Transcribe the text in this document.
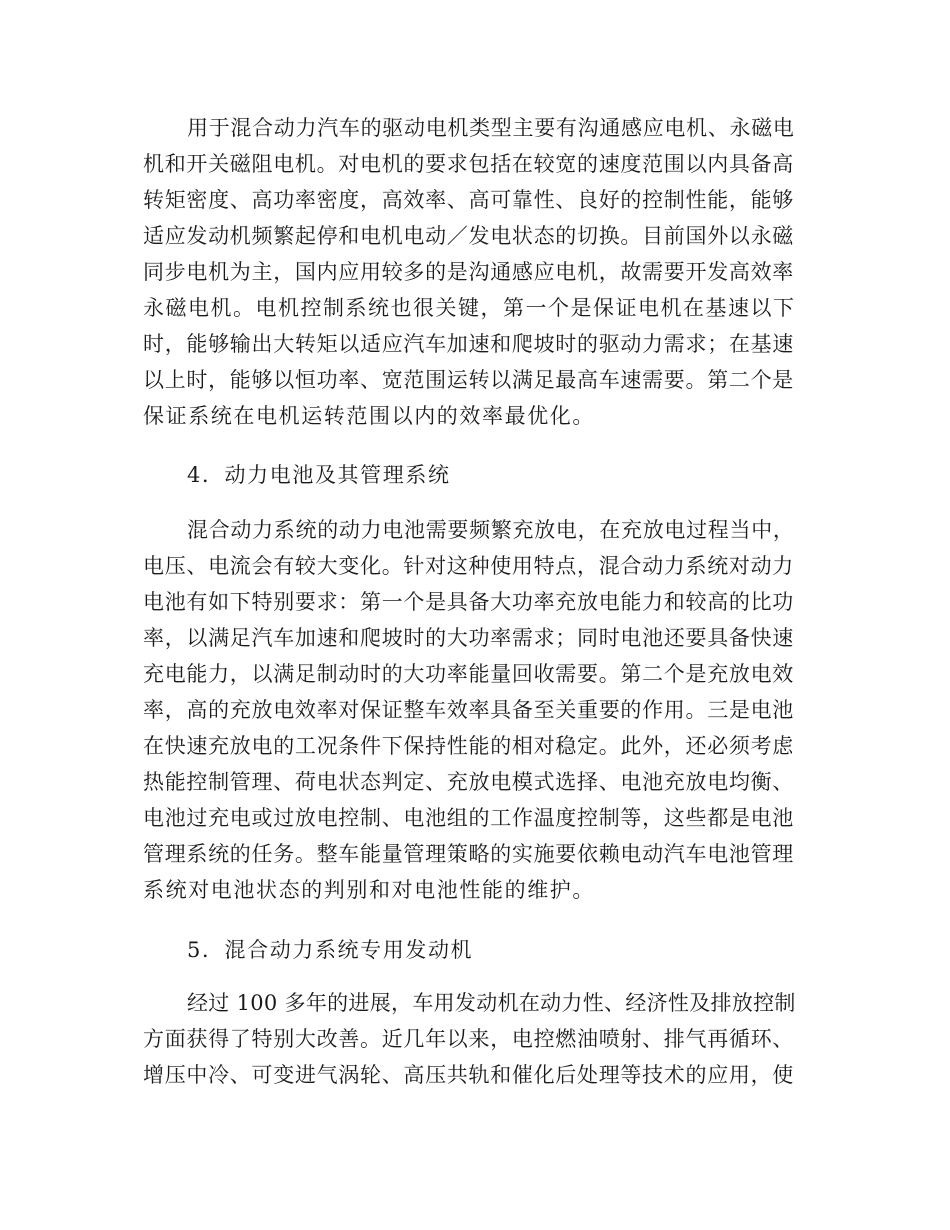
用于混合动力汽车的驱动电机类型主要有沟通感应电机、永磁电
机和开关磁阻电机。对电机的要求包括在较宽的速度范围以内具备高
转矩密度、高功率密度，高效率、高可靠性、良好的控制性能，能够
适应发动机频繁起停和电机电动／发电状态的切换。目前国外以永磁
同步电机为主，国内应用较多的是沟通感应电机，故需要开发高效率
永磁电机。电机控制系统也很关键，第一个是保证电机在基速以下
时，能够输出大转矩以适应汽车加速和爬坡时的驱动力需求；在基速
以上时，能够以恒功率、宽范围运转以满足最高车速需要。第二个是
保证系统在电机运转范围以内的效率最优化。
4．动力电池及其管理系统
混合动力系统的动力电池需要频繁充放电，在充放电过程当中，
电压、电流会有较大变化。针对这种使用特点，混合动力系统对动力
电池有如下特别要求：第一个是具备大功率充放电能力和较高的比功
率，以满足汽车加速和爬坡时的大功率需求；同时电池还要具备快速
充电能力，以满足制动时的大功率能量回收需要。第二个是充放电效
率，高的充放电效率对保证整车效率具备至关重要的作用。三是电池
在快速充放电的工况条件下保持性能的相对稳定。此外，还必须考虑
热能控制管理、荷电状态判定、充放电模式选择、电池充放电均衡、
电池过充电或过放电控制、电池组的工作温度控制等，这些都是电池
管理系统的任务。整车能量管理策略的实施要依赖电动汽车电池管理
系统对电池状态的判别和对电池性能的维护。
5．混合动力系统专用发动机
经过 100 多年的进展，车用发动机在动力性、经济性及排放控制
方面获得了特别大改善。近几年以来，电控燃油喷射、排气再循环、
增压中冷、可变进气涡轮、高压共轨和催化后处理等技术的应用，使
